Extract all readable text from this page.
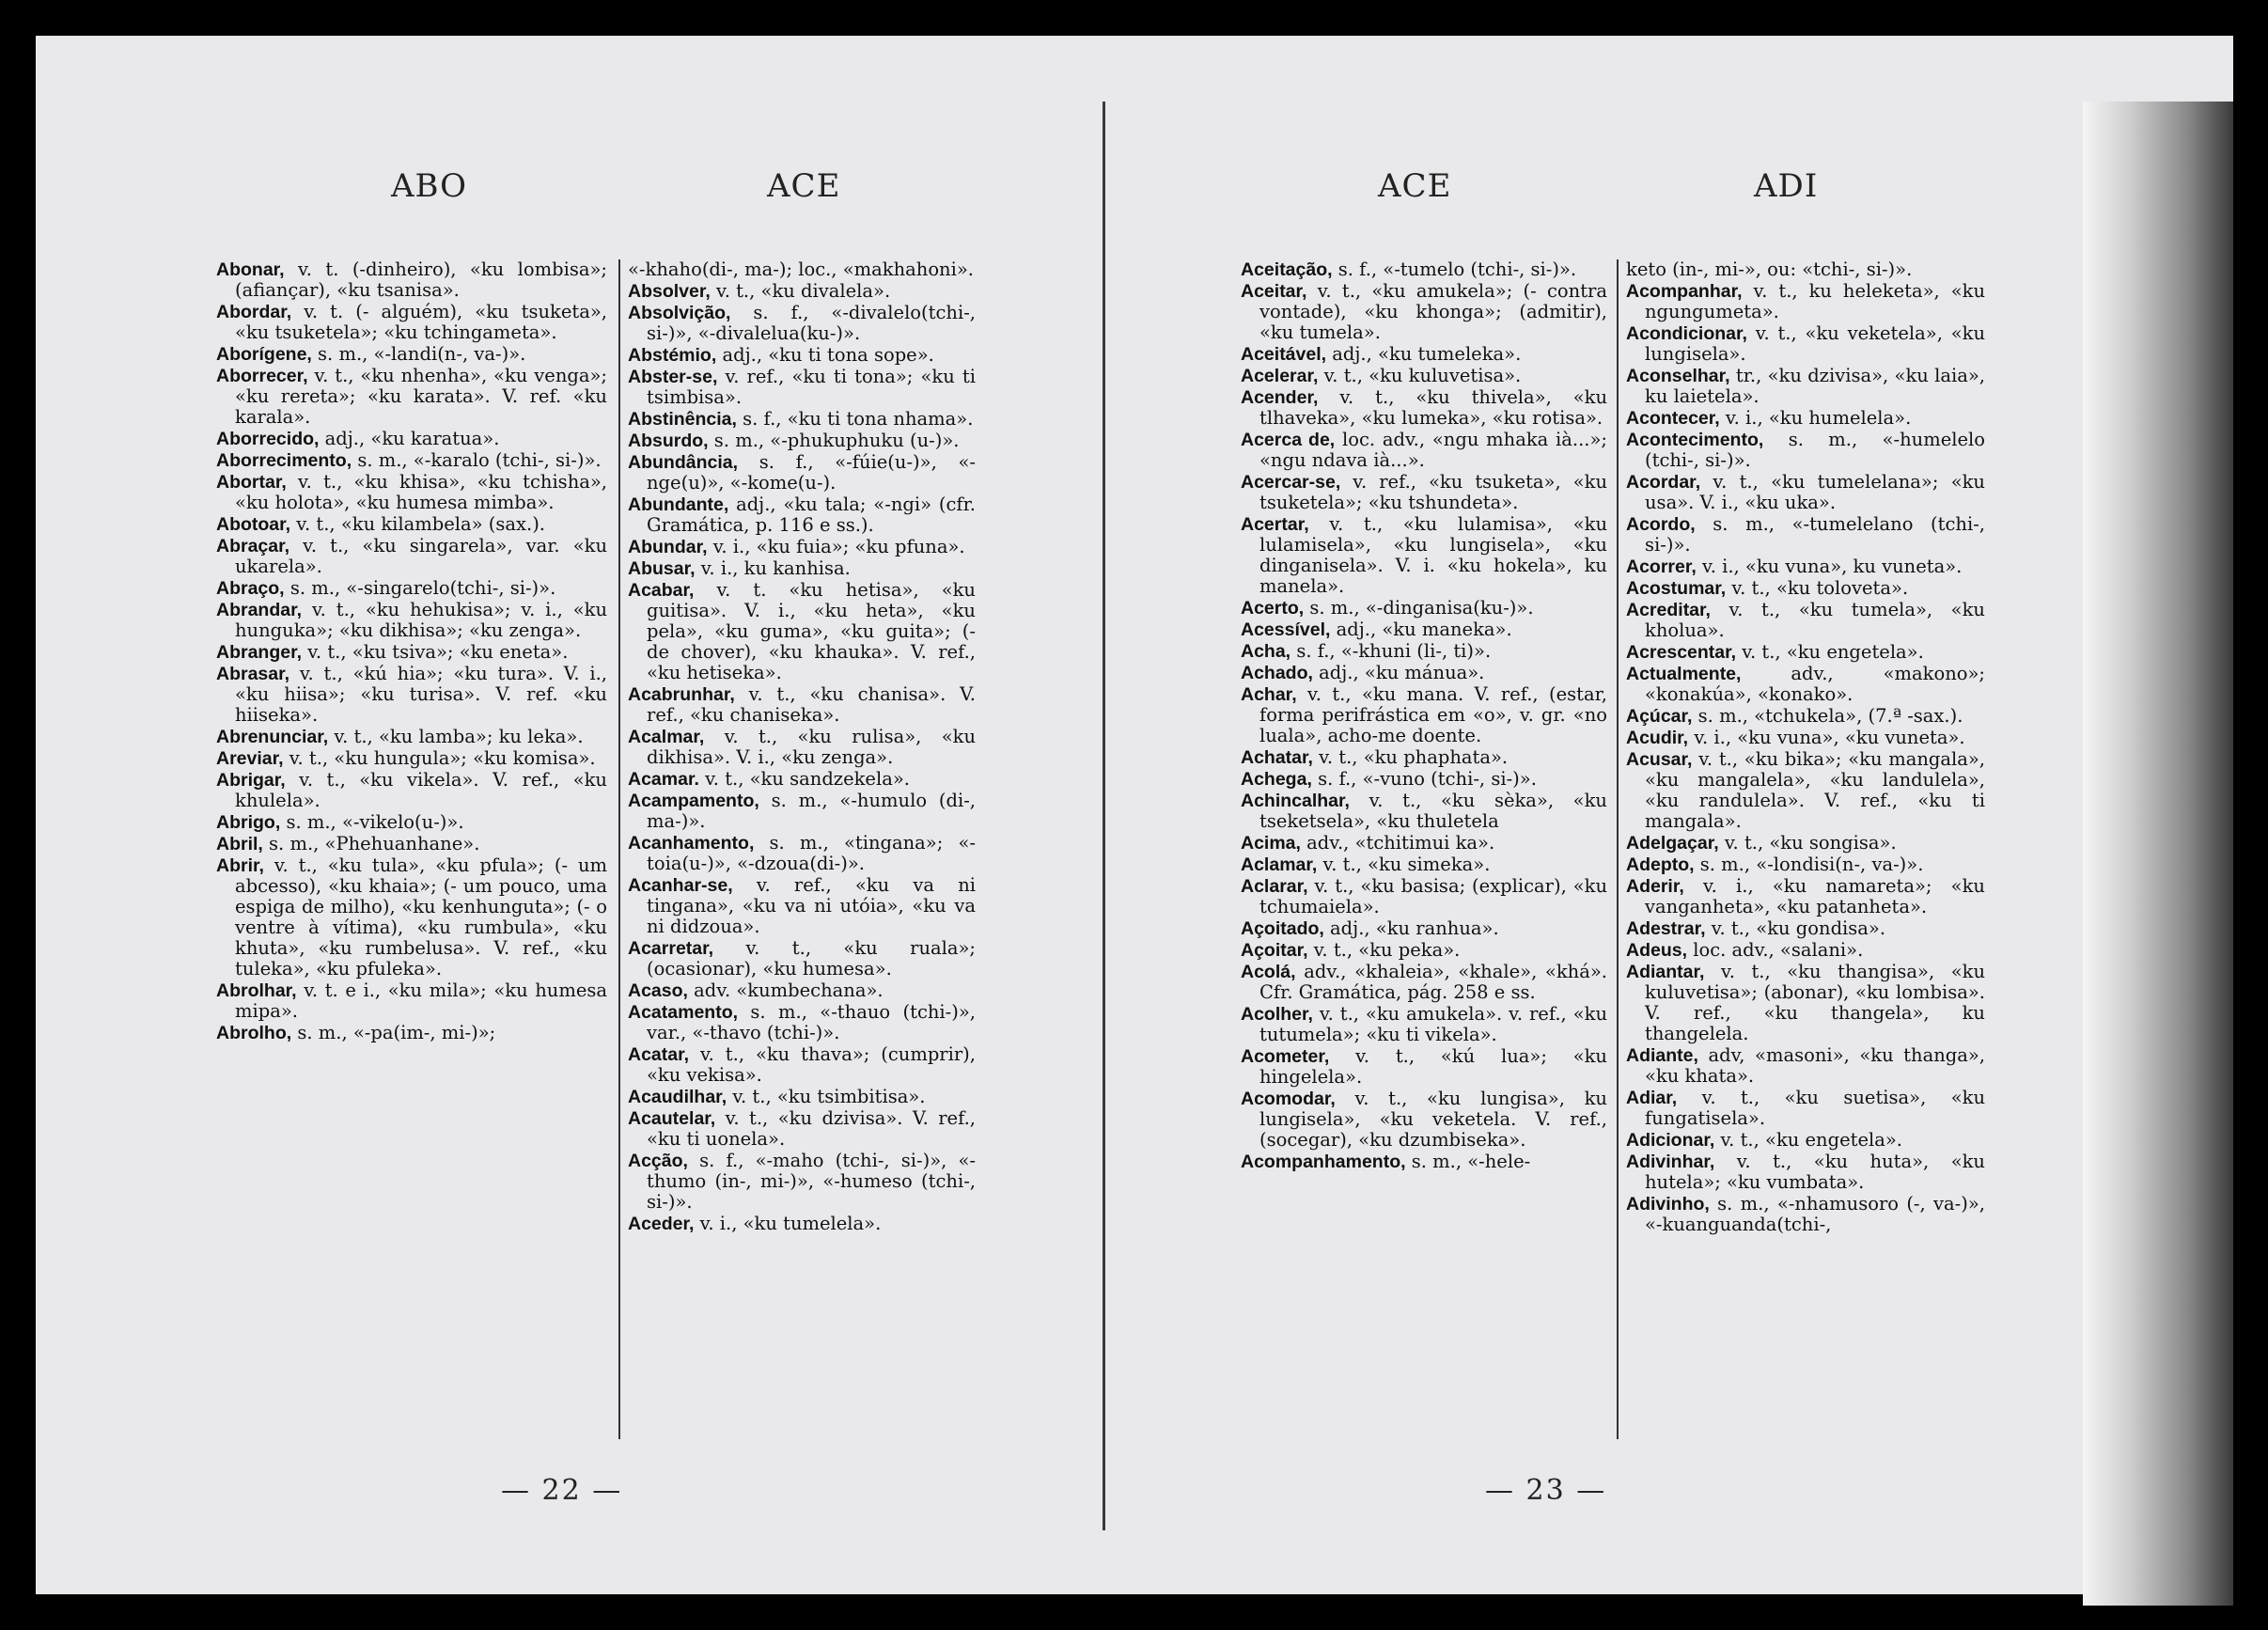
ABO	ACE

Abonar, v. t. (-dinheiro), «ku lombisa»; (afiançar), «ku tsanisa».

Abordar, v. t. (- alguém), «ku tsuketa», «ku tsuketela»; «ku tchingameta».

Aborígene, s. m., «-landi(n-, va-)».

Aborrecer, v. t., «ku nhenha», «ku venga»; «ku rereta»; «ku karata». V. ref. «ku karala».

Aborrecido, adj., «ku karatua».

Aborrecimento, s. m., «-karalo (tchi-, si-)».

Abortar, v. t., «ku khisa», «ku tchisha», «ku holota», «ku humesa mimba».

Abotoar, v. t., «ku kilambela» (sax.).

Abraçar, v. t., «ku singarela», var. «ku ukarela».

Abraço, s. m., «-singarelo(tchi-, si-)».

Abrandar, v. t., «ku hehukisa»; v. i., «ku hunguka»; «ku dikhisa»; «ku zenga».

Abranger, v. t., «ku tsiva»; «ku eneta».

Abrasar, v. t., «kú hia»; «ku tura». V. i., «ku hiisa»; «ku turisa». V. ref. «ku hiiseka».

Abrenunciar, v. t., «ku lamba»; ku leka».

Areviar, v. t., «ku hungula»; «ku komisa».

Abrigar, v. t., «ku vikela». V. ref., «ku khulela».

Abrigo, s. m., «-vikelo(u-)».

Abril, s. m., «Phehuanhane».

Abrir, v. t., «ku tula», «ku pfula»; (- um abcesso), «ku khaia»; (- um pouco, uma espiga de milho), «ku kenhunguta»; (- o ventre à vítima), «ku rumbula», «ku khuta», «ku rumbelusa». V. ref., «ku tuleka», «ku pfuleka».

Abrolhar, v. t. e i., «ku mila»; «ku humesa mipa».

Abrolho, s. m., «-pa(im-, mi-)»;

«-khaho(di-, ma-); loc., «makhahoni».

Absolver, v. t., «ku divalela».

Absolvição, s. f., «-divalelo(tchi-, si-)», «-divalelua(ku-)».

Abstémio, adj., «ku ti tona sope».

Abster-se, v. ref., «ku ti tona»; «ku ti tsimbisa».

Abstinência, s. f., «ku ti tona nhama».

Absurdo, s. m., «-phukuphuku (u-)».

Abundância, s. f., «-fúie(u-)», «-nge(u)», «-kome(u-).

Abundante, adj., «ku tala; «-ngi» (cfr. Gramática, p. 116 e ss.).

Abundar, v. i., «ku fuia»; «ku pfuna».

Abusar, v. i., ku kanhisa.

Acabar, v. t. «ku hetisa», «ku guitisa». V. i., «ku heta», «ku pela», «ku guma», «ku guita»; (- de chover), «ku khauka». V. ref., «ku hetiseka».

Acabrunhar, v. t., «ku chanisa». V. ref., «ku chaniseka».

Acalmar, v. t., «ku rulisa», «ku dikhisa». V. i., «ku zenga».

Acamar. v. t., «ku sandzekela».

Acampamento, s. m., «-humulo (di-, ma-)».

Acanhamento, s. m., «tingana»; «-toia(u-)», «-dzoua(di-)».

Acanhar-se, v. ref., «ku va ni tingana», «ku va ni utóia», «ku va ni didzoua».

Acarretar, v. t., «ku ruala»; (ocasionar), «ku humesa».

Acaso, adv. «kumbechana».

Acatamento, s. m., «-thauo (tchi-)», var., «-thavo (tchi-)».

Acatar, v. t., «ku thava»; (cumprir), «ku vekisa».

Acaudilhar, v. t., «ku tsimbitisa».

Acautelar, v. t., «ku dzivisa». V. ref., «ku ti uonela».

Acção, s. f., «-maho (tchi-, si-)», «-thumo (in-, mi-)», «-humeso (tchi-, si-)».

Aceder, v. i., «ku tumelela».

— 22 —
ACE	ADI

Aceitação, s. f., «-tumelo (tchi-, si-)».

Aceitar, v. t., «ku amukela»; (- contra vontade), «ku khonga»; (admitir), «ku tumela».

Aceitável, adj., «ku tumeleka».

Acelerar, v. t., «ku kuluvetisa».

Acender, v. t., «ku thivela», «ku tlhaveka», «ku lumeka», «ku rotisa».

Acerca de, loc. adv., «ngu mhaka ià...»; «ngu ndava ià...».

Acercar-se, v. ref., «ku tsuketa», «ku tsuketela»; «ku tshundeta».

Acertar, v. t., «ku lulamisa», «ku lulamisela», «ku lungisela», «ku dinganisela». V. i. «ku hokela», ku manela».

Acerto, s. m., «-dinganisa(ku-)».

Acessível, adj., «ku maneka».

Acha, s. f., «-khuni (li-, ti)».

Achado, adj., «ku mánua».

Achar, v. t., «ku mana. V. ref., (estar, forma perifrástica em «o», v. gr. «no luala», acho-me doente.

Achatar, v. t., «ku phaphata».

Achega, s. f., «-vuno (tchi-, si-)».

Achincalhar, v. t., «ku sèka», «ku tseketsela», «ku thuletela

Acima, adv., «tchitimui ka».

Aclamar, v. t., «ku simeka».

Aclarar, v. t., «ku basisa; (explicar), «ku tchumaiela».

Açoitado, adj., «ku ranhua».

Açoitar, v. t., «ku peka».

Acolá, adv., «khaleia», «khale», «khá». Cfr. Gramática, pág. 258 e ss.

Acolher, v. t., «ku amukela». v. ref., «ku tutumela»; «ku ti vikela».

Acometer, v. t., «kú lua»; «ku hingelela».

Acomodar, v. t., «ku lungisa», ku lungisela», «ku veketela. V. ref., (socegar), «ku dzumbiseka».

Acompanhamento, s. m., «-hele-

keto (in-, mi-», ou: «tchi-, si-)».

Acompanhar, v. t., ku heleketa», «ku ngungumeta».

Acondicionar, v. t., «ku veketela», «ku lungisela».

Aconselhar, tr., «ku dzivisa», «ku laia», ku laietela».

Acontecer, v. i., «ku humelela».

Acontecimento, s. m., «-humelelo (tchi-, si-)».

Acordar, v. t., «ku tumelelana»; «ku usa». V. i., «ku uka».

Acordo, s. m., «-tumelelano (tchi-, si-)».

Acorrer, v. i., «ku vuna», ku vuneta».

Acostumar, v. t., «ku toloveta».

Acreditar, v. t., «ku tumela», «ku kholua».

Acrescentar, v. t., «ku engetela».

Actualmente,	adv., «makono»; «konakúa», «konako».

Açúcar, s. m., «tchukela», (7.ª -sax.).

Acudir, v. i., «ku vuna», «ku vuneta».

Acusar, v. t., «ku bika»; «ku mangala», «ku mangalela», «ku landulela», «ku randulela». V. ref., «ku ti mangala».

Adelgaçar, v. t., «ku songisa».

Adepto, s. m., «-londisi(n-, va-)».

Aderir, v. i., «ku namareta»; «ku vanganheta», «ku patanheta».

Adestrar, v. t., «ku gondisa».

Adeus, loc. adv., «salani».

Adiantar, v. t., «ku thangisa», «ku kuluvetisa»; (abonar), «ku lombisa». V. ref., «ku thangela», ku thangelela.

Adiante, adv, «masoni», «ku thanga», «ku khata».

Adiar, v. t., «ku suetisa», «ku fungatisela».

Adicionar, v. t., «ku engetela».

Adivinhar, v. t., «ku huta», «ku hutela»; «ku vumbata».

Adivinho, s. m., «-nhamusoro (-, va-)», «-kuanguanda(tchi-,

— 23 —
